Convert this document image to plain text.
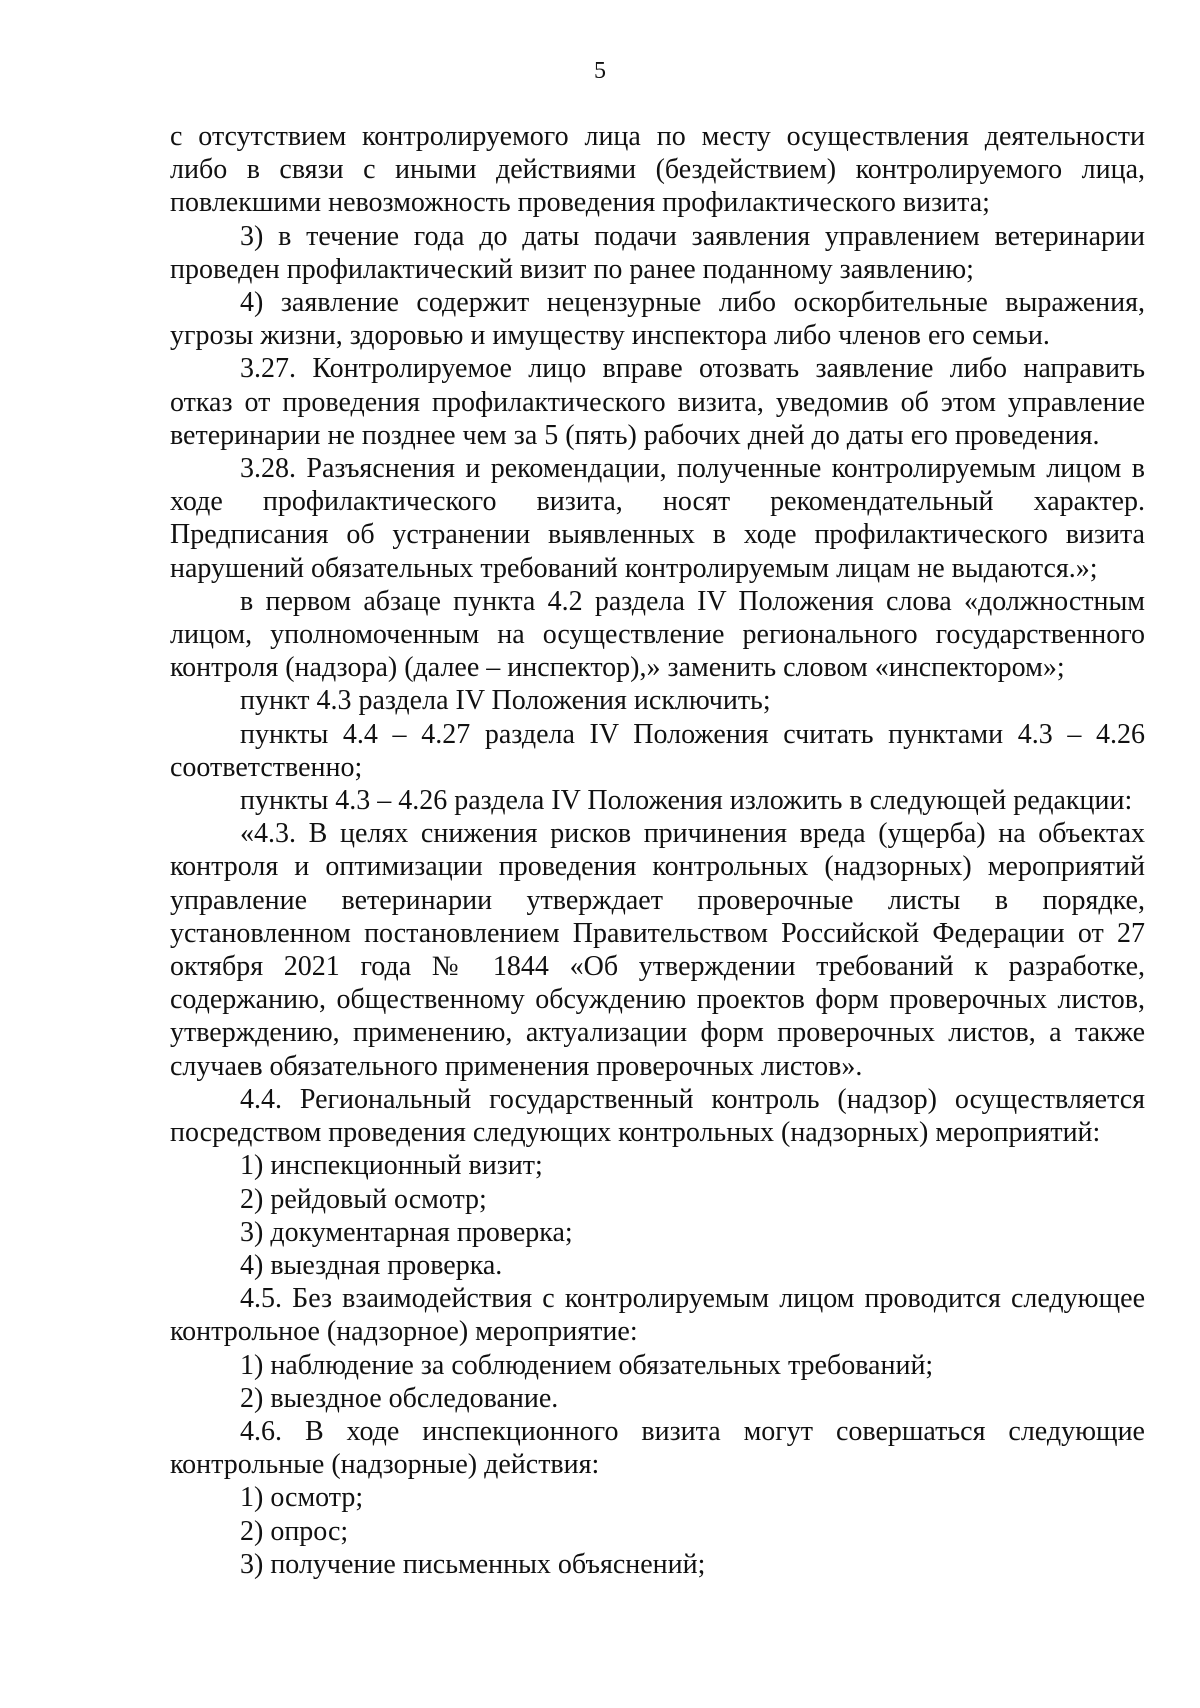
5

с отсутствием контролируемого лица по месту осуществления деятельности либо в связи с иными действиями (бездействием) контролируемого лица, повлекшими невозможность проведения профилактического визита;

3) в течение года до даты подачи заявления управлением ветеринарии проведен профилактический визит по ранее поданному заявлению;

4) заявление содержит нецензурные либо оскорбительные выражения, угрозы жизни, здоровью и имуществу инспектора либо членов его семьи.

3.27. Контролируемое лицо вправе отозвать заявление либо направить отказ от проведения профилактического визита, уведомив об этом управление ветеринарии не позднее чем за 5 (пять) рабочих дней до даты его проведения.

3.28. Разъяснения и рекомендации, полученные контролируемым лицом в ходе профилактического визита, носят рекомендательный характер. Предписания об устранении выявленных в ходе профилактического визита нарушений обязательных требований контролируемым лицам не выдаются.»;

в первом абзаце пункта 4.2 раздела IV Положения слова «должностным лицом, уполномоченным на осуществление регионального государственного контроля (надзора) (далее – инспектор),» заменить словом «инспектором»;

пункт 4.3 раздела IV Положения исключить;

пункты 4.4 – 4.27 раздела IV Положения считать пунктами 4.3 – 4.26 соответственно;

пункты 4.3 – 4.26 раздела IV Положения изложить в следующей редакции:

«4.3. В целях снижения рисков причинения вреда (ущерба) на объектах контроля и оптимизации проведения контрольных (надзорных) мероприятий управление ветеринарии утверждает проверочные листы в порядке, установленном постановлением Правительством Российской Федерации от 27 октября 2021 года № 1844 «Об утверждении требований к разработке, содержанию, общественному обсуждению проектов форм проверочных листов, утверждению, применению, актуализации форм проверочных листов, а также случаев обязательного применения проверочных листов».

4.4. Региональный государственный контроль (надзор) осуществляется посредством проведения следующих контрольных (надзорных) мероприятий:

1) инспекционный визит;

2) рейдовый осмотр;

3) документарная проверка;

4) выездная проверка.

4.5. Без взаимодействия с контролируемым лицом проводится следующее контрольное (надзорное) мероприятие:

1) наблюдение за соблюдением обязательных требований;

2) выездное обследование.

4.6. В ходе инспекционного визита могут совершаться следующие контрольные (надзорные) действия:

1) осмотр;

2) опрос;

3) получение письменных объяснений;
